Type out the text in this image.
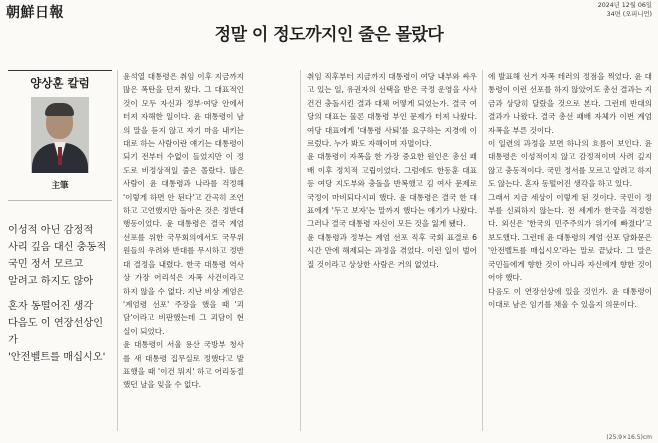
朝鮮日報	2024년 12월 06일
34면 (오피니언)
정말 이 정도까지인 줄은 몰랐다
양상훈 칼럼
主筆

이성적 아닌 감정적
사리 깊음 대신 충동적
국민 정서 모르고
알려고 하지도 않아

혼자 동떨어진 생각
다음도 이 연장선상인가
'안전벨트를 매십시오'

윤석열 대통령은 취임 이후 지금까지 많은 폭탄을 던져 왔다. 그 대표적인 것이 모두 자신과 정부·여당 안에서 터져 자해한 일이다. 윤 대통령이 남의 말을 듣지 않고 자기 마음 내키는 대로 하는 사람이란 얘기는 대통령이 되기 전부터 수없이 들었지만 이 정도로 비정상적일 줄은 몰랐다. 많은 사람이 윤 대통령과 나라를 걱정해 '이렇게 하면 안 된다'고 간곡히 조언하고 고언했지만 돌아온 것은 정반대 행동이었다. 윤 대통령은 결국 계엄 선포를 위한 국무회의에서도 국무위원들의 우려와 반대를 무시하고 정반대 결정을 내렸다. 한국 대통령 역사상 가장 어리석은 자폭 사건이라고 하지 않을 수 없다. 지난 비상 계엄은 '계엄령 선포' 주장을 했을 때 '괴담'이라고 비판했는데 그 괴담이 현실이 되었다.
윤 대통령이 서울 용산 국방부 청사를 새 대통령 집무실로 정했다고 발표했을 때 '이건 뭐지' 하고 어리둥절했던 날을 잊을 수 없다.
취임 직후부터 지금까지 대통령이 여당 내부와 싸우고 있는 일, 유권자의 선택을 받은 국정 운영을 사사건건 충돌시킨 결과 대체 어떻게 되었는가. 결국 여당의 대표는 물론 대통령 부인 문제가 터져 나왔다. 여당 대표에게 '대통령 사퇴'를 요구하는 지경에 이르렀다. 누가 봐도 자해이며 자멸이다.
윤 대통령이 자폭을 한 가장 중요한 원인은 총선 패배 이후 정치적 고립이었다. 그럼에도 한동훈 대표 등 여당 지도부와 충돌을 반복했고 김 여사 문제로 국정이 마비되다시피 했다. 윤 대통령은 결국 한 대표에게 '두고 보자'는 말까지 했다는 얘기가 나왔다. 그러나 결국 대통령 자신이 모든 것을 잃게 됐다.
윤 대통령과 정부는 계엄 선포 직후 국회 표결로 6시간 만에 해제되는 과정을 겪었다. 이런 일이 벌어질 것이라고 상상한 사람은 거의 없었다.
에 발표해 선거 자폭 테러의 정점을 찍었다. 윤 대통령이 이런 선포를 하지 않았어도 총선 결과는 지금과 상당히 달랐을 것으로 본다. 그런데 반대의 결과가 나왔다. 결국 총선 패배 자체가 이번 계엄 자폭을 부른 것이다.
이 일련의 과정을 보면 하나의 흐름이 보인다. 윤 대통령은 이성적이지 않고 감정적이며 사려 깊지 않고 충동적이다. 국민 정서를 모르고 알려고 하지도 않는다. 혼자 동떨어진 생각을 하고 있다.
그래서 지금 세상이 이렇게 된 것이다. 국민이 정부를 신뢰하지 않는다. 전 세계가 한국을 걱정한다. 외신은 '한국의 민주주의가 위기에 빠졌다'고 보도했다. 그런데 윤 대통령의 계엄 선포 담화문은 '안전벨트를 매십시오'라는 말로 끝났다. 그 말은 국민들에게 향한 것이 아니라 자신에게 향한 것이어야 했다.
다음도 이 연장선상에 있을 것인가. 윤 대통령이 이대로 남은 임기를 채울 수 있을지 의문이다.
(25.9×16.5)cm
